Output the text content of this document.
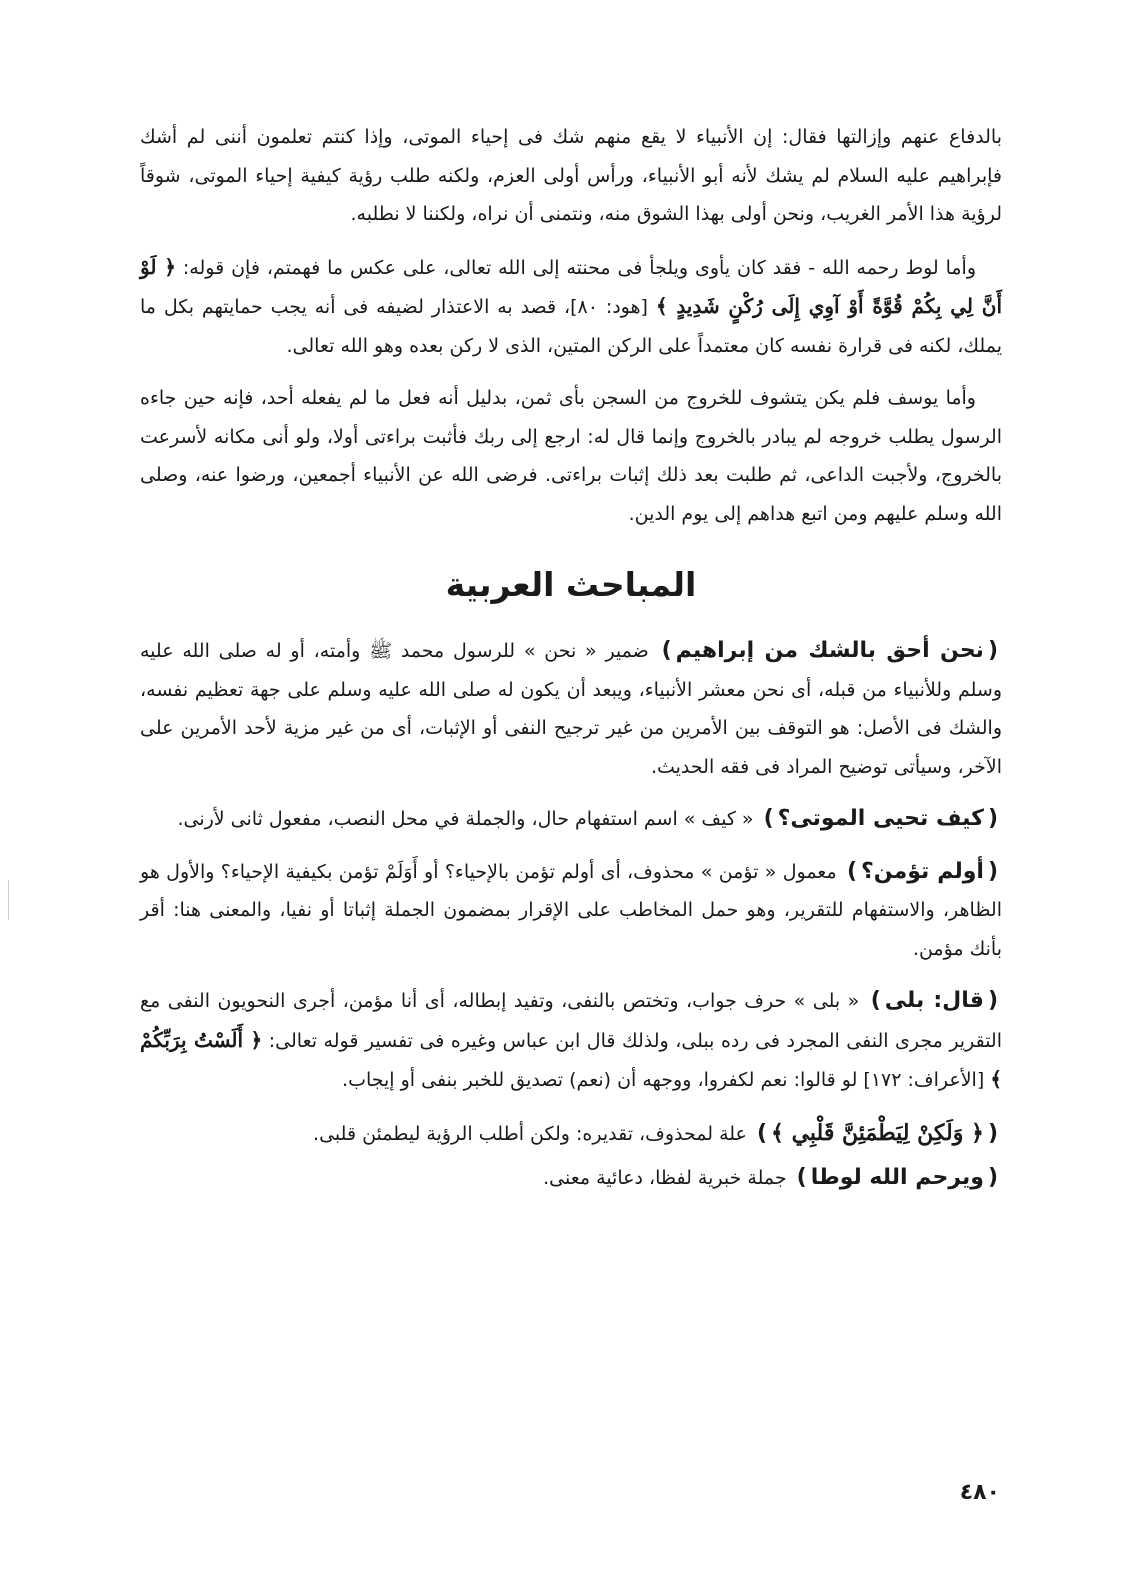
بالدفاع عنهم وإزالتها فقال: إن الأنبياء لا يقع منهم شك فى إحياء الموتى، وإذا كنتم تعلمون أننى لم أشك فإبراهيم عليه السلام لم يشك لأنه أبو الأنبياء، ورأس أولى العزم، ولكنه طلب رؤية كيفية إحياء الموتى، شوقاً لرؤية هذا الأمر الغريب، ونحن أولى بهذا الشوق منه، ونتمنى أن نراه، ولكننا لا نطلبه.

وأما لوط رحمه الله - فقد كان يأوى ويلجأ فى محنته إلى الله تعالى، على عكس ما فهمتم، فإن قوله: ﴿ لَوْ أَنَّ لِي بِكُمْ قُوَّةً أَوْ آوِي إِلَى رُكْنٍ شَدِيدٍ ﴾ [هود: ٨٠]، قصد به الاعتذار لضيفه فى أنه يجب حمايتهم بكل ما يملك، لكنه فى قرارة نفسه كان معتمداً على الركن المتين، الذى لا ركن بعده وهو الله تعالى.

وأما يوسف فلم يكن يتشوف للخروج من السجن بأى ثمن، بدليل أنه فعل ما لم يفعله أحد، فإنه حين جاءه الرسول يطلب خروجه لم يبادر بالخروج وإنما قال له: ارجع إلى ربك فأثبت براءتى أولا، ولو أنى مكانه لأسرعت بالخروج، ولأجبت الداعى، ثم طلبت بعد ذلك إثبات براءتى. فرضى الله عن الأنبياء أجمعين، ورضوا عنه، وصلى الله وسلم عليهم ومن اتبع هداهم إلى يوم الدين.

المباحث العربية

(نحن أحق بالشك من إبراهيم) ضمير « نحن » للرسول محمد ﷺ وأمته، أو له صلى الله عليه وسلم وللأنبياء من قبله، أى نحن معشر الأنبياء، ويبعد أن يكون له صلى الله عليه وسلم على جهة تعظيم نفسه، والشك فى الأصل: هو التوقف بين الأمرين من غير ترجيح النفى أو الإثبات، أى من غير مزية لأحد الأمرين على الآخر، وسيأتى توضيح المراد فى فقه الحديث.

(كيف تحيى الموتى؟) « كيف » اسم استفهام حال، والجملة في محل النصب، مفعول ثانى لأرنى.

(أولم تؤمن؟) معمول « تؤمن » محذوف، أى أولم تؤمن بالإحياء؟ أو أَوَلَمْ تؤمن بكيفية الإحياء؟ والأول هو الظاهر، والاستفهام للتقرير، وهو حمل المخاطب على الإقرار بمضمون الجملة إثباتا أو نفيا، والمعنى هنا: أقر بأنك مؤمن.

(قال: بلى) « بلى » حرف جواب، وتختص بالنفى، وتفيد إبطاله، أى أنا مؤمن، أجرى النحويون النفى مع التقرير مجرى النفى المجرد فى رده ببلى، ولذلك قال ابن عباس وغيره فى تفسير قوله تعالى: ﴿ أَلَسْتُ بِرَبِّكُمْ ﴾ [الأعراف: ١٧٢] لو قالوا: نعم لكفروا، ووجهه أن (نعم) تصديق للخبر بنفى أو إيجاب.

(﴿ وَلَكِنْ لِيَطْمَئِنَّ قَلْبِي ﴾) علة لمحذوف، تقديره: ولكن أطلب الرؤية ليطمئن قلبى.

(ويرحم الله لوطا) جملة خبرية لفظا، دعائية معنى.

٤٨٠
